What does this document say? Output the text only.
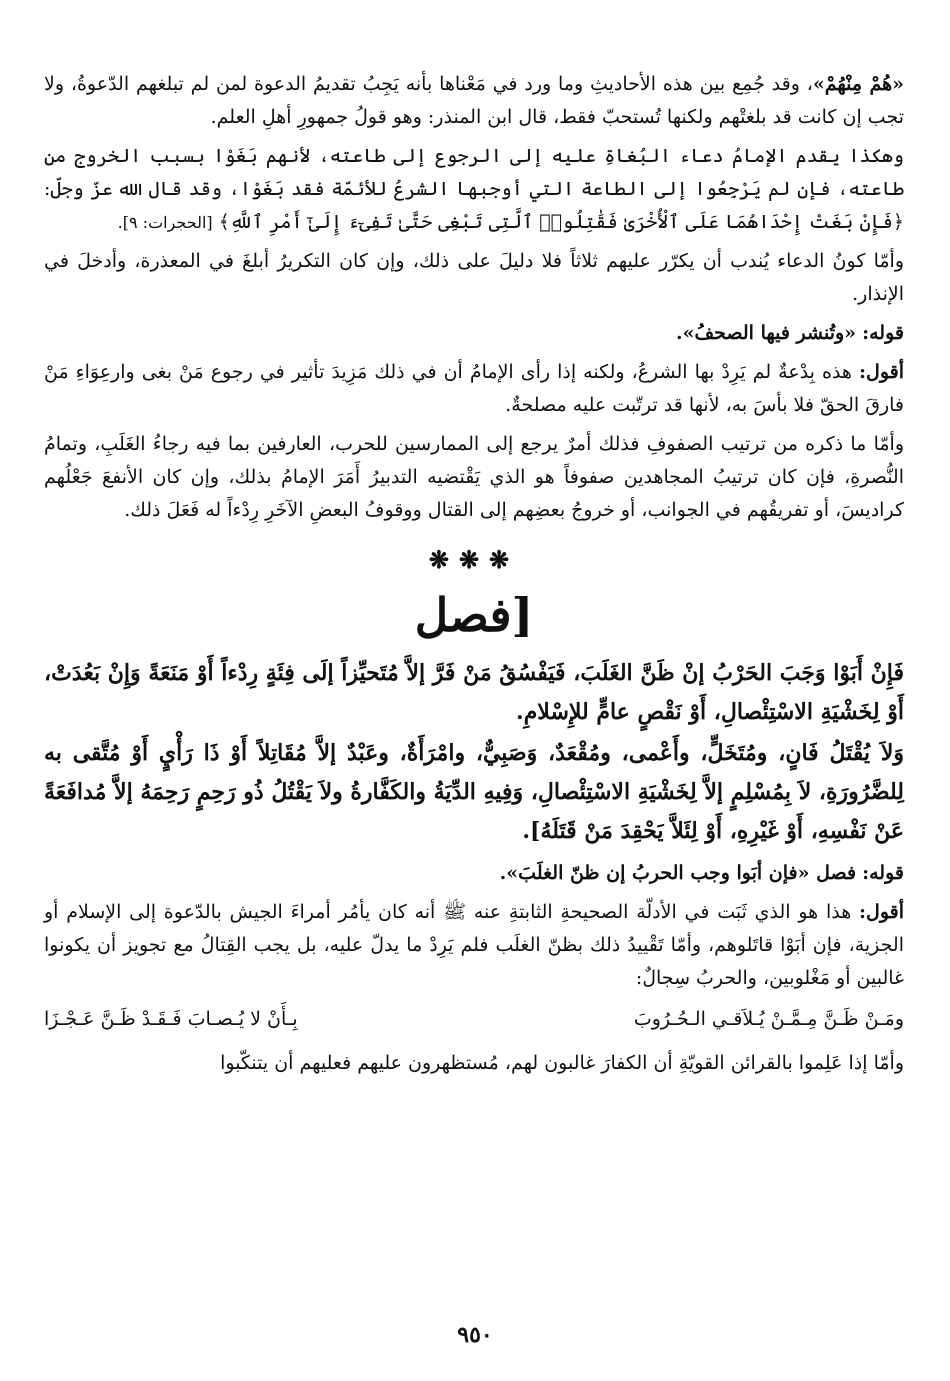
«هُمْ مِنْهُمْ»، وقد جُمِع بين هذه الأحاديثِ وما ورد في مَعْناها بأنه يَجِبُ تقديمُ الدعوة لمن لم تبلغهم الدّعوةُ، ولا تجب إن كانت قد بلغتْهم ولكنها تُستحبّ فقط، قال ابن المنذر: وهو قولُ جمهورِ أهلِ العلم.

وهكذا يقدم الإمامُ دعاء البُغاةِ عليه إلى الرجوع إلى طاعته، لأنهم بَغَوْا بسبب الخروج من طاعته، فإن لم يَرْجِعُوا إلى الطاعة التي أوجبها الشرعُ للأئمّة فقد بَغَوْا، وقد قال الله عزّ وجلّ: ﴿فَإِنْ بَغَتْ إِحْدَاهُمَا عَلَى ٱلْأُخْرَىٰ فَقَٰتِلُوا۟ ٱلَّتِى تَبْغِى حَتَّىٰ تَفِىٓءَ إِلَىٰٓ أَمْرِ ٱللَّهِ﴾ [الحجرات: ٩].

وأمّا كونُ الدعاء يُندب أن يكرّر عليهم ثلاثاً فلا دليلَ على ذلك، وإن كان التكريرُ أبلغَ في المعذرة، وأدخلَ في الإنذار.

قوله: «وتُنشر فيها الصحفُ».

أقول: هذه بِدْعةٌ لم يَرِدْ بها الشرعُ، ولكنه إذا رأى الإمامُ أن في ذلك مَزِيدَ تأثير في رجوع مَنْ بغى وارعِوَاءِ مَنْ فارقَ الحقّ فلا بأسَ به، لأنها قد ترتّبت عليه مصلحةٌ.

وأمّا ما ذكره من ترتيب الصفوفِ فذلك أمرٌ يرجع إلى الممارسين للحرب، العارفين بما فيه رجاءُ الغَلَبِ، وتمامُ النُّصرةِ، فإن كان ترتيبُ المجاهدين صفوفاً هو الذي يَقْتضيه التدبيرُ أَمَرَ الإمامُ بذلك، وإن كان الأنفعَ جَعْلُهم كراديسَ، أو تفريقُهم في الجوانب، أو خروجُ بعضِهم إلى القتال ووقوفُ البعضِ الآخَرِ رِدْءاً له فَعَلَ ذلك.

❋❋❋
[فصل

فَإِنْ أَبَوْا وَجَبَ الحَرْبُ إنْ ظَنَّ الغَلَبَ، فَيَفْسُقُ مَنْ فَرَّ إلاَّ مُتَحيِّزاً إلَى فِئَةٍ رِدْءاً أَوْ مَنَعَةً وَإِنْ بَعُدَتْ، أَوْ لِخَشْيَةِ الاسْتِئْصالِ، أَوْ نَقْصٍ عامٍّ للإِسْلامِ.

وَلاَ يُقْتَلُ فَانٍ، ومُتَخَلٍّ، وأَعْمى، ومُقْعَدٌ، وَصَبِيٌّ، وامْرَأَةٌ، وعَبْدٌ إلاَّ مُقَاتِلاً أَوْ ذَا رَأْيٍ أَوْ مُتَّقى به لِلضَّرُورَةِ، لاَ بِمُسْلِمٍ إلاَّ لِخَشْيَةِ الاسْتِئْصالِ، وَفِيهِ الدِّيَةُ والكَفَّارةُ ولاَ يَقْتُلُ ذُو رَحِمٍ رَحِمَهُ إلاَّ مُدافَعَةً عَنْ نَفْسِهِ، أَوْ غَيْرِهِ، أَوْ لِئَلاَّ يَحْقِدَ مَنْ قَتَلَهُ].

قوله: فصل «فإن أبَوا وجب الحربُ إن ظنّ الغلَبَ».

أقول: هذا هو الذي ثَبَت في الأدلّة الصحيحةِ الثابتةِ عنه ﷺ أنه كان يأمُر أمراءَ الجيش بالدّعوة إلى الإسلام أو الجزية، فإن أبَوْا قاتَلوهم، وأمّا تَقْييدُ ذلك بظنّ الغلَب فلم يَرِدْ ما يدلّ عليه، بل يجب القِتالُ مع تجويز أن يكونوا غالبين أو مَغْلوبين، والحربُ سِجالٌ:

ومَـنْ ظَـنَّ مِـمَّـنْ يُـلاَقـي الـحُـرُوبَ
بِـأَنْ لا يُـصـابَ فَـقَـدْ ظَـنَّ عَـجْـزَا

وأمّا إذا عَلِموا بالقرائن القويّةِ أن الكفارَ غالبون لهم، مُستظهرون عليهم فعليهم أن يتنكّبوا

٩٥٠
